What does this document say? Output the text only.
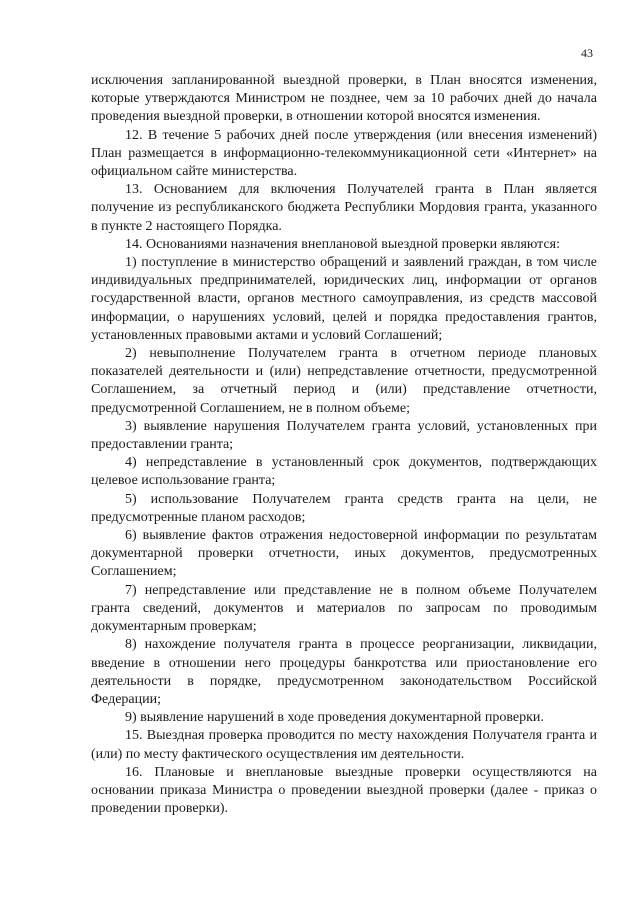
43

исключения запланированной выездной проверки, в План вносятся изменения, которые утверждаются Министром не позднее, чем за 10 рабочих дней до начала проведения выездной проверки, в отношении которой вносятся изменения.

12. В течение 5 рабочих дней после утверждения (или внесения изменений) План размещается в информационно-телекоммуникационной сети «Интернет» на официальном сайте министерства.

13. Основанием для включения Получателей гранта в План является получение из республиканского бюджета Республики Мордовия гранта, указанного в пункте 2 настоящего Порядка.

14. Основаниями назначения внеплановой выездной проверки являются:

1) поступление в министерство обращений и заявлений граждан, в том числе индивидуальных предпринимателей, юридических лиц, информации от органов государственной власти, органов местного самоуправления, из средств массовой информации, о нарушениях условий, целей и порядка предоставления грантов, установленных правовыми актами и условий Соглашений;

2) невыполнение Получателем гранта в отчетном периоде плановых показателей деятельности и (или) непредставление отчетности, предусмотренной Соглашением, за отчетный период и (или) представление отчетности, предусмотренной Соглашением, не в полном объеме;

3) выявление нарушения Получателем гранта условий, установленных при предоставлении гранта;

4) непредставление в установленный срок документов, подтверждающих целевое использование гранта;

5) использование Получателем гранта средств гранта на цели, не предусмотренные планом расходов;

6) выявление фактов отражения недостоверной информации по результатам документарной проверки отчетности, иных документов, предусмотренных Соглашением;

7) непредставление или представление не в полном объеме Получателем гранта сведений, документов и материалов по запросам по проводимым документарным проверкам;

8) нахождение получателя гранта в процессе реорганизации, ликвидации, введение в отношении него процедуры банкротства или приостановление его деятельности в порядке, предусмотренном законодательством Российской Федерации;

9) выявление нарушений в ходе проведения документарной проверки.

15. Выездная проверка проводится по месту нахождения Получателя гранта и (или) по месту фактического осуществления им деятельности.

16. Плановые и внеплановые выездные проверки осуществляются на основании приказа Министра о проведении выездной проверки (далее - приказ о проведении проверки).
